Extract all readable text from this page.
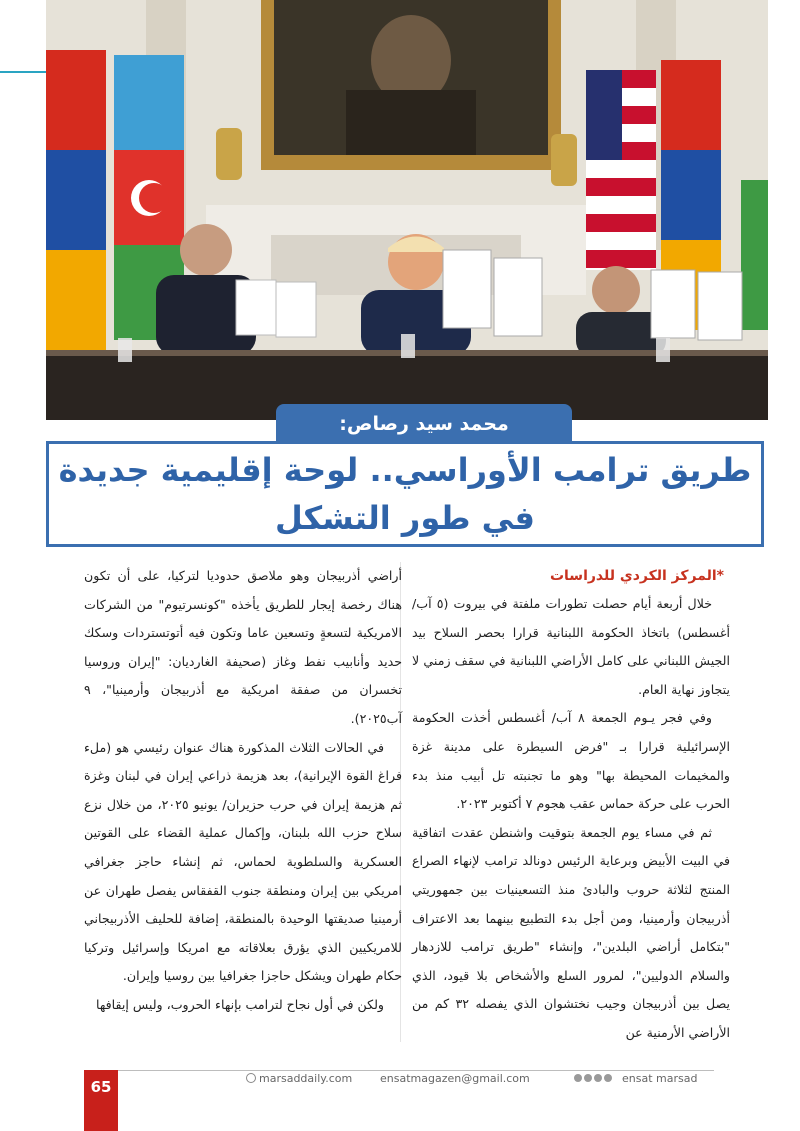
محمد سيد رصاص:
طريق ترامب الأوراسي.. لوحة إقليمية جديدة
في طور التشكل

*المركز الكردي للدراسات

خلال أربعة أيام حصلت تطورات ملفتة في بيروت (٥ آب/ أغسطس) باتخاذ الحكومة اللبنانية قرارا بحصر السلاح بيد الجيش اللبناني على كامل الأراضي اللبنانية في سقف زمني لا يتجاوز نهاية العام.

وفي فجر يـوم الجمعة ٨ آب/ أغسطس أخذت الحكومة الإسرائيلية قرارا بـ "فرض السيطرة على مدينة غزة والمخيمات المحيطة بها" وهو ما تجنبته تل أبيب منذ بدء الحرب على حركة حماس عقب هجوم ٧ أكتوبر ٢٠٢٣.

ثم في مساء يوم الجمعة بتوقيت واشنطن عقدت اتفاقية في البيت الأبيض وبرعاية الرئيس دونالد ترامب لإنهاء الصراع المنتج لثلاثة حروب والبادئ منذ التسعينيات بين جمهوريتي أذربيجان وأرمينيا، ومن أجل بدء التطبيع بينهما بعد الاعتراف "بتكامل أراضي البلدين"، وإنشاء "طريق ترامب للازدهار والسلام الدوليين"، لمرور السلع والأشخاص بلا قيود، الذي يصل بين أذربيجان وجيب نختشوان الذي يفصله ٣٢ كم من الأراضي الأرمنية عن

أراضي أذربيجان وهو ملاصق حدوديا لتركيا، على أن تكون هناك رخصة إيجار للطريق يأخذه "كونسرتيوم" من الشركات الامريكية لتسعةٍ وتسعين عاما وتكون فيه أتوتستردات وسكك حديد وأنابيب نفط وغاز (صحيفة الغارديان: "إيران وروسيا تخسران من صفقة امريكية مع أذربيجان وأرمينيا"، ٩ آب٢٠٢٥).

في الحالات الثلاث المذكورة هناك عنوان رئيسي هو (ملء فراغ القوة الإيرانية)، بعد هزيمة ذراعي إيران في لبنان وغزة ثم هزيمة إيران في حرب حزيران/ يونيو ٢٠٢٥، من خلال نزع سلاح حزب الله بلبنان، وإكمال عملية القضاء على القوتين العسكرية والسلطوية لحماس، ثم إنشاء حاجز جغرافي امريكي بين إيران ومنطقة جنوب القفقاس يفصل طهران عن أرمينيا صديقتها الوحيدة بالمنطقة، إضافة للحليف الأذربيجاني للامريكيين الذي يؤرق بعلاقاته مع امريكا وإسرائيل وتركيا حكام طهران ويشكل حاجزا جغرافيا بين روسيا وإيران.

ولكن في أول نجاح لترامب بإنهاء الحروب، وليس إيقافها

65	marsaddaily.com	ensatmagazen@gmail.com	ensat marsad
